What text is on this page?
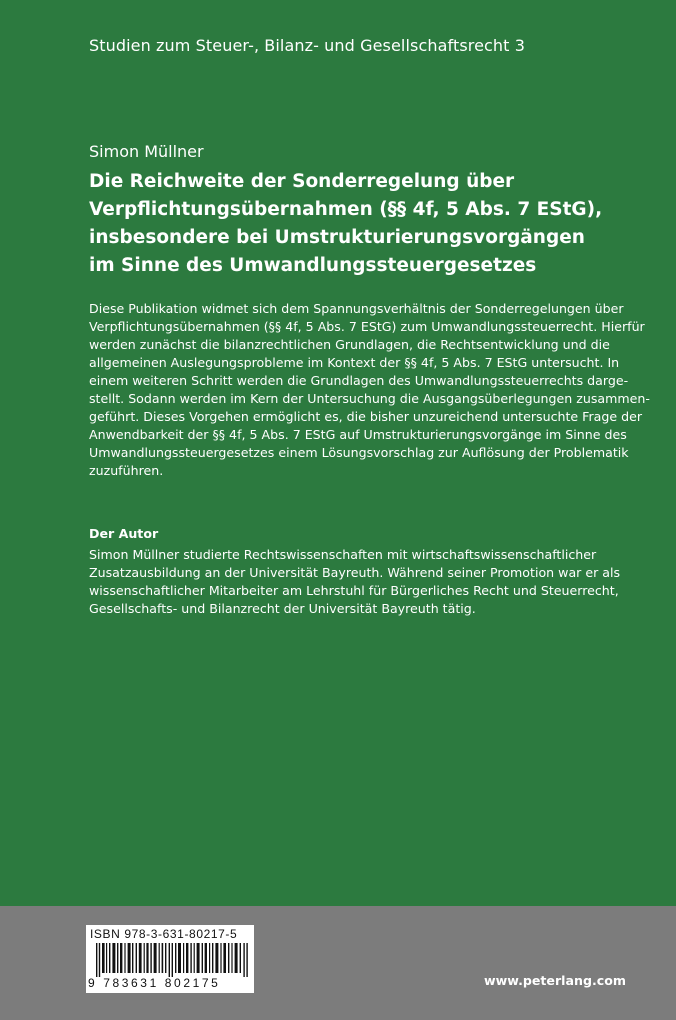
Studien zum Steuer-, Bilanz- und Gesellschaftsrecht 3
Simon Müllner
Die Reichweite der Sonderregelung über
Verpflichtungsübernahmen (§§ 4f, 5 Abs. 7 EStG),
insbesondere bei Umstrukturierungsvorgängen
im Sinne des Umwandlungssteuergesetzes

Diese Publikation widmet sich dem Spannungsverhältnis der Sonderregelungen über
Verpflichtungsübernahmen (§§ 4f, 5 Abs. 7 EStG) zum Umwandlungssteuerrecht. Hierfür
werden zunächst die bilanzrechtlichen Grundlagen, die Rechtsentwicklung und die
allgemeinen Auslegungsprobleme im Kontext der §§ 4f, 5 Abs. 7 EStG untersucht. In
einem weiteren Schritt werden die Grundlagen des Umwandlungssteuerrechts darge-
stellt. Sodann werden im Kern der Untersuchung die Ausgangsüberlegungen zusammen-
geführt. Dieses Vorgehen ermöglicht es, die bisher unzureichend untersuchte Frage der
Anwendbarkeit der §§ 4f, 5 Abs. 7 EStG auf Umstrukturierungsvorgänge im Sinne des
Umwandlungssteuergesetzes einem Lösungsvorschlag zur Auflösung der Problematik
zuzuführen.

Der Autor

Simon Müllner studierte Rechtswissenschaften mit wirtschaftswissenschaftlicher
Zusatzausbildung an der Universität Bayreuth. Während seiner Promotion war er als
wissenschaftlicher Mitarbeiter am Lehrstuhl für Bürgerliches Recht und Steuerrecht,
Gesellschafts- und Bilanzrecht der Universität Bayreuth tätig.

ISBN 978-3-631-80217-5
9 783631 802175	www.peterlang.com
